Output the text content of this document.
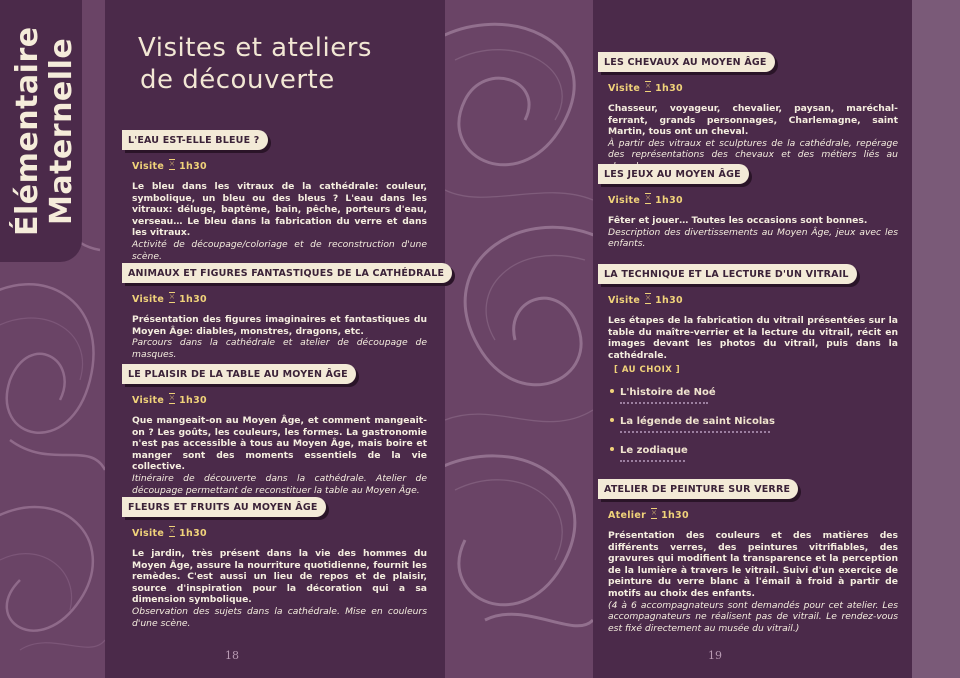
Élémentaire Maternelle Visites et ateliers
de découverte
L'EAU EST-ELLE BLEUE ?
Visite 1h30
Le bleu dans les vitraux de la cathédrale: couleur, symbolique, un bleu ou des bleus ? L'eau dans les vitraux: déluge, baptême, bain, pêche, porteurs d'eau, verseau… Le bleu dans la fabrication du verre et dans les vitraux.
Activité de découpage/coloriage et de reconstruction d'une scène.
ANIMAUX ET FIGURES FANTASTIQUES DE LA CATHÉDRALE
Visite 1h30
Présentation des figures imaginaires et fantastiques du Moyen Âge: diables, monstres, dragons, etc.
Parcours dans la cathédrale et atelier de découpage de masques.
LE PLAISIR DE LA TABLE AU MOYEN ÂGE
Visite 1h30
Que mangeait-on au Moyen Âge, et comment mangeait-on ? Les goûts, les couleurs, les formes. La gastronomie n'est pas accessible à tous au Moyen Âge, mais boire et manger sont des moments essentiels de la vie collective.
Itinéraire de découverte dans la cathédrale. Atelier de découpage permettant de reconstituer la table au Moyen Âge.
FLEURS ET FRUITS AU MOYEN ÂGE
Visite 1h30
Le jardin, très présent dans la vie des hommes du Moyen Âge, assure la nourriture quotidienne, fournit les remèdes. C'est aussi un lieu de repos et de plaisir, source d'inspiration pour la décoration qui a sa dimension symbolique.
Observation des sujets dans la cathédrale. Mise en couleurs d'une scène.
18
LES CHEVAUX AU MOYEN ÂGE
Visite 1h30
Chasseur, voyageur, chevalier, paysan, maréchal-ferrant, grands personnages, Charlemagne, saint Martin, tous ont un cheval.
À partir des vitraux et sculptures de la cathédrale, repérage des représentations des chevaux et des métiers liés au
LES JEUX AU MOYEN ÂGE
Visite 1h30
Fêter et jouer… Toutes les occasions sont bonnes.
Description des divertissements au Moyen Âge, jeux avec les enfants.
LA TECHNIQUE ET LA LECTURE D'UN VITRAIL
Visite 1h30
Les étapes de la fabrication du vitrail présentées sur la table du maître-verrier et la lecture du vitrail, récit en images devant les photos du vitrail, puis dans la cathédrale.
[ AU CHOIX ]
L'histoire de Noé
La légende de saint Nicolas
Le zodiaque
ATELIER DE PEINTURE SUR VERRE
Atelier 1h30
Présentation des couleurs et des matières des différents verres, des peintures vitrifiables, des gravures qui modifient la transparence et la perception de la lumière à travers le vitrail. Suivi d'un exercice de peinture du verre blanc à l'émail à froid à partir de motifs au choix des enfants.
(4 à 6 accompagnateurs sont demandés pour cet atelier. Les accompagnateurs ne réalisent pas de vitrail. Le rendez-vous est fixé directement au musée du vitrail.)
19
